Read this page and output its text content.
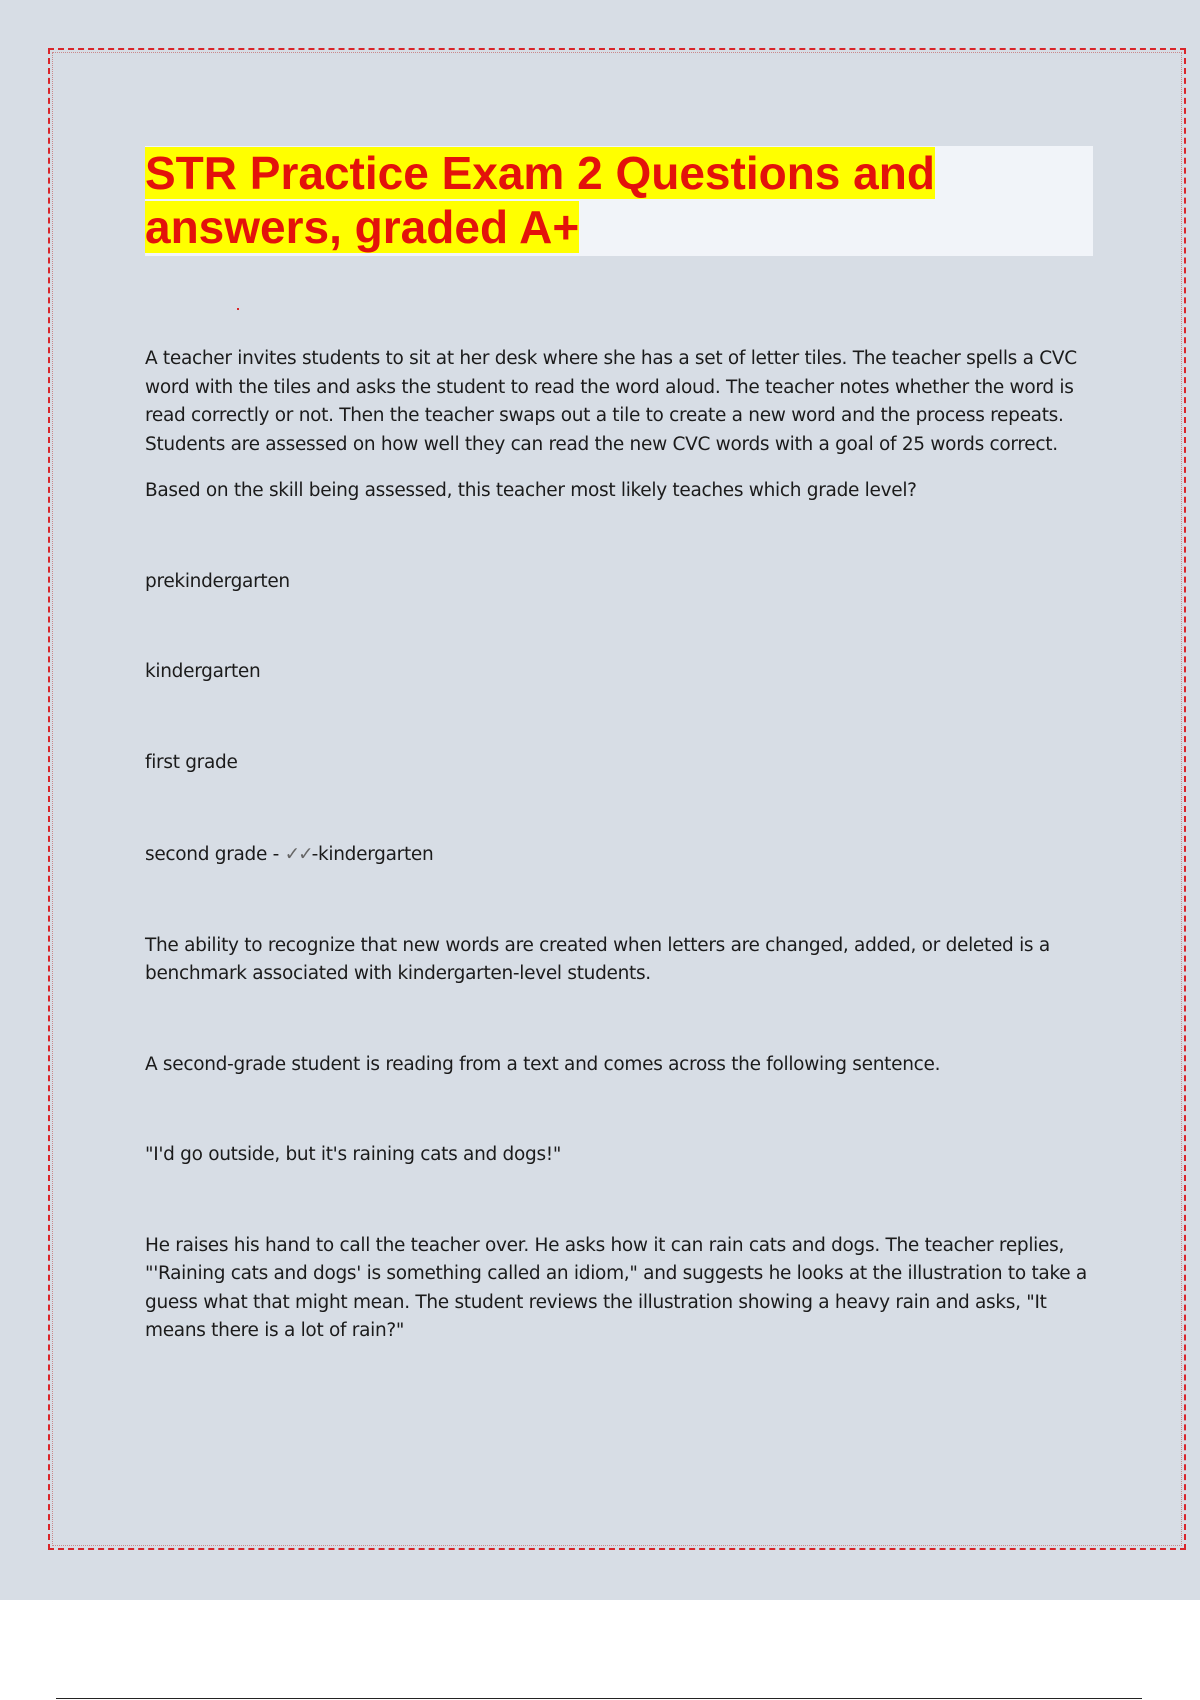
STR Practice Exam 2 Questions and
answers, graded A+

A teacher invites students to sit at her desk where she has a set of letter tiles. The teacher spells a CVC word with the tiles and asks the student to read the word aloud. The teacher notes whether the word is read correctly or not. Then the teacher swaps out a tile to create a new word and the process repeats. Students are assessed on how well they can read the new CVC words with a goal of 25 words correct.

Based on the skill being assessed, this teacher most likely teaches which grade level?

prekindergarten

kindergarten

first grade

second grade - ✓✓-kindergarten

The ability to recognize that new words are created when letters are changed, added, or deleted is a benchmark associated with kindergarten-level students.

A second-grade student is reading from a text and comes across the following sentence.

"I'd go outside, but it's raining cats and dogs!"

He raises his hand to call the teacher over. He asks how it can rain cats and dogs. The teacher replies, "'Raining cats and dogs' is something called an idiom," and suggests he looks at the illustration to take a guess what that might mean. The student reviews the illustration showing a heavy rain and asks, "It means there is a lot of rain?"
